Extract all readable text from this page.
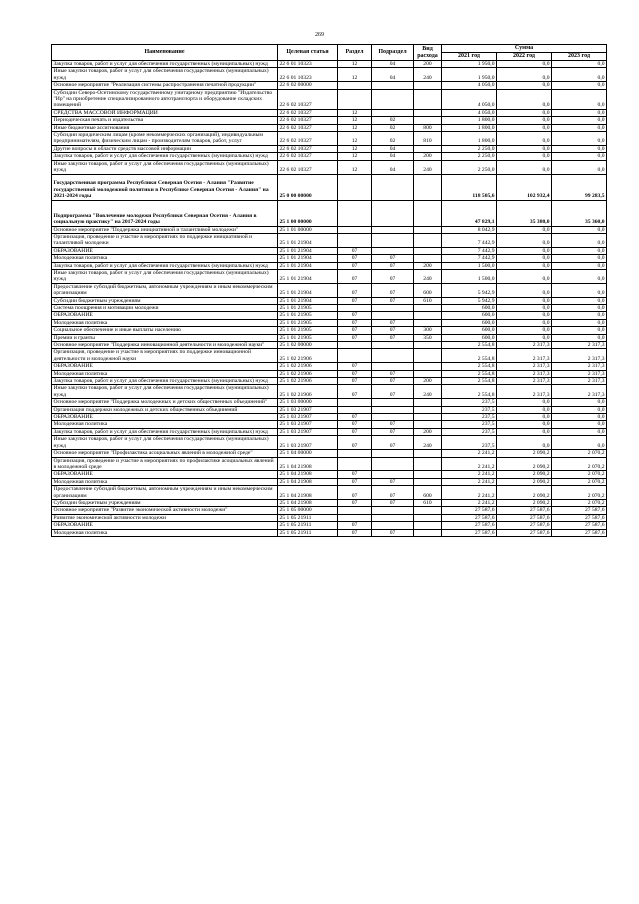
269
Наименование	Целевая статья	Раздел	Подраздел	Вид расхода	Сумма		
					2021 год	2022 год	2023 год
Закупка товаров, работ и услуг для обеспечения государственных (муниципальных) нужд	22 6 01 10323	12	04	200	1 950,0	0,0	0,0
Иные закупки товаров, работ и услуг для обеспечения государственных (муниципальных) нужд	22 6 01 10323	12	04	240	1 950,0	0,0	0,0
Основное мероприятие "Реализация системы распространения печатной продукции"	22 6 02 00000				4 050,0	0,0	0,0
Субсидии Северо-Осетинскому государственному унитарному предприятию "Издательство "Ир" на приобретение специализированного автотранспорта и оборудование складских помещений	22 6 02 10327				4 050,0	0,0	0,0
СРЕДСТВА МАССОВОЙ ИНФОРМАЦИИ	22 6 02 10327	12			4 050,0	0,0	0,0
Периодическая печать и издательства	22 6 02 10327	12	02		1 800,0	0,0	0,0
Иные бюджетные ассигнования	22 6 02 10327	12	02	800	1 800,0	0,0	0,0
Субсидии юридическим лицам (кроме некоммерческих организаций), индивидуальным предпринимателям, физическим лицам - производителям товаров, работ, услуг	22 6 02 10327	12	02	810	1 800,0	0,0	0,0
Другие вопросы в области средств массовой информации	22 6 02 10327	12	04		2 250,0	0,0	0,0
Закупка товаров, работ и услуг для обеспечения государственных (муниципальных) нужд	22 6 02 10327	12	04	200	2 250,0	0,0	0,0
Иные закупки товаров, работ и услуг для обеспечения государственных (муниципальных) нужд	22 6 02 10327	12	04	240	2 250,0	0,0	0,0
Государственная программа Республики Северная Осетия - Алания "Развитие государственной молодежной политики в Республике Северная Осетия - Алания" на 2021-2024 годы	25 0 00 00000				118 505,6	102 932,4	99 283,5
Подпрограмма "Вовлечение молодежи Республики Северная Осетия - Алания в социальную практику" на 2017-2024 годы	25 1 00 00000				47 829,1	35 380,0	35 360,0
Основное мероприятие "Поддержка инициативной и талантливой молодежи"	25 1 01 00000				8 042,9	0,0	0,0
Организация, проведение и участие в мероприятиях по поддержке инициативной и талантливой молодежи	25 1 01 21904				7 442,9	0,0	0,0
ОБРАЗОВАНИЕ	25 1 01 21904	07			7 442,9	0,0	0,0
Молодежная политика	25 1 01 21904	07	07		7 442,9	0,0	0,0
Закупка товаров, работ и услуг для обеспечения государственных (муниципальных) нужд	25 1 01 21904	07	07	200	1 500,0	0,0	0,0
Иные закупки товаров, работ и услуг для обеспечения государственных (муниципальных) нужд	25 1 01 21904	07	07	240	1 500,0	0,0	0,0
Предоставление субсидий бюджетным, автономным учреждениям и иным некоммерческим организациям	25 1 01 21904	07	07	600	5 942,9	0,0	0,0
Субсидии бюджетным учреждениям	25 1 01 21904	07	07	610	5 942,9	0,0	0,0
Система поощрения и мотивации молодежи	25 1 01 21905				600,0	0,0	0,0
ОБРАЗОВАНИЕ	25 1 01 21905	07			600,0	0,0	0,0
Молодежная политика	25 1 01 21905	07	07		600,0	0,0	0,0
Социальное обеспечение и иные выплаты населению	25 1 01 21905	07	07	300	600,0	0,0	0,0
Премии и гранты	25 1 01 21905	07	07	350	600,0	0,0	0,0
Основное мероприятие "Поддержка инновационной деятельности и молодежной науки"	25 1 02 00000				2 554,8	2 317,3	2 317,3
Организация, проведение и участие в мероприятиях по поддержке инновационной деятельности и молодежной науки	25 1 02 21906				2 554,8	2 317,3	2 317,3
ОБРАЗОВАНИЕ	25 1 02 21906	07			2 554,8	2 317,3	2 317,3
Молодежная политика	25 1 02 21906	07	07		2 554,8	2 317,3	2 317,3
Закупка товаров, работ и услуг для обеспечения государственных (муниципальных) нужд	25 1 02 21906	07	07	200	2 554,8	2 317,3	2 317,3
Иные закупки товаров, работ и услуг для обеспечения государственных (муниципальных) нужд	25 1 02 21906	07	07	240	2 554,8	2 317,3	2 317,3
Основное мероприятие "Поддержка молодежных и детских общественных объединений"	25 1 03 00000				237,5	0,0	0,0
Организация поддержки молодежных и детских общественных объединений	25 1 03 21907				237,5	0,0	0,0
ОБРАЗОВАНИЕ	25 1 03 21907	07			237,5	0,0	0,0
Молодежная политика	25 1 03 21907	07	07		237,5	0,0	0,0
Закупка товаров, работ и услуг для обеспечения государственных (муниципальных) нужд	25 1 03 21907	07	07	200	237,5	0,0	0,0
Иные закупки товаров, работ и услуг для обеспечения государственных (муниципальных) нужд	25 1 03 21907	07	07	240	237,5	0,0	0,0
Основное мероприятие "Профилактика асоциальных явлений в молодежной среде"	25 1 04 00000				2 241,2	2 090,2	2 070,2
Организация, проведение и участие в мероприятиях по профилактике асоциальных явлений в молодежной среде	25 1 04 21908				2 241,2	2 090,2	2 070,2
ОБРАЗОВАНИЕ	25 1 04 21908	07			2 241,2	2 090,2	2 070,2
Молодежная политика	25 1 04 21908	07	07		2 241,2	2 090,2	2 070,2
Предоставление субсидий бюджетным, автономным учреждениям и иным некоммерческим организациям	25 1 04 21908	07	07	600	2 241,2	2 090,2	2 070,2
Субсидии бюджетным учреждениям	25 1 04 21908	07	07	610	2 241,2	2 090,2	2 070,2
Основное мероприятие "Развитие экономической активности молодежи"	25 1 05 00000				27 587,6	27 587,6	27 587,6
Развитие экономической активности молодежи	25 1 05 21911				27 587,6	27 587,6	27 587,6
ОБРАЗОВАНИЕ	25 1 05 21911	07			27 587,6	27 587,6	27 587,6
Молодежная политика	25 1 05 21911	07	07		27 587,6	27 587,6	27 587,6
